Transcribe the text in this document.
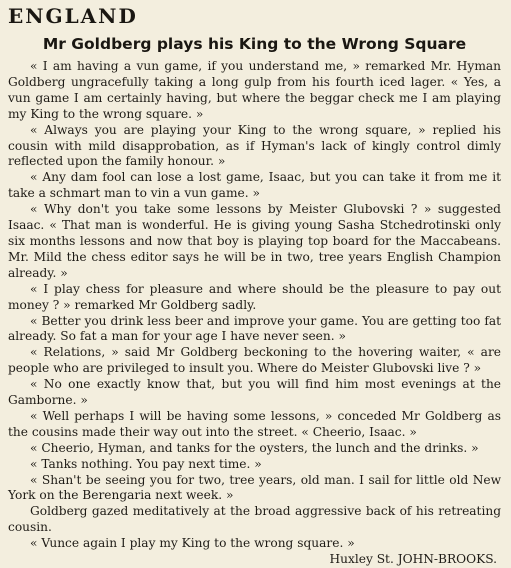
ENGLAND
Mr Goldberg plays his King to the Wrong Square

« I am having a vun game, if you understand me, » remarked Mr. Hyman Goldberg ungracefully taking a long gulp from his fourth iced lager. « Yes, a vun game I am certainly having, but where the beggar check me I am playing my King to the wrong square. »

« Always you are playing your King to the wrong square, » replied his cousin with mild disapprobation, as if Hyman's lack of kingly control dimly reflected upon the family honour. »

« Any dam fool can lose a lost game, Isaac, but you can take it from me it take a schmart man to vin a vun game. »

« Why don't you take some lessons by Meister Glubovski ? » suggested Isaac. « That man is wonderful. He is giving young Sasha Stchedrotinski only six months lessons and now that boy is playing top board for the Maccabeans. Mr. Mild the chess editor says he will be in two, tree years English Champion already. »

« I play chess for pleasure and where should be the pleasure to pay out money ? » remarked Mr Goldberg sadly.

« Better you drink less beer and improve your game. You are getting too fat already. So fat a man for your age I have never seen. »

« Relations, » said Mr Goldberg beckoning to the hovering waiter, « are people who are privileged to insult you. Where do Meister Glubovski live ? »

« No one exactly know that, but you will find him most evenings at the Gamborne. »

« Well perhaps I will be having some lessons, » conceded Mr Goldberg as the cousins made their way out into the street. « Cheerio, Isaac. »

« Cheerio, Hyman, and tanks for the oysters, the lunch and the drinks. »

« Tanks nothing. You pay next time. »

« Shan't be seeing you for two, tree years, old man. I sail for little old New York on the Berengaria next week. »

Goldberg gazed meditatively at the broad aggressive back of his retreating cousin.

« Vunce again I play my King to the wrong square. »

Huxley St. JOHN-BROOKS.
